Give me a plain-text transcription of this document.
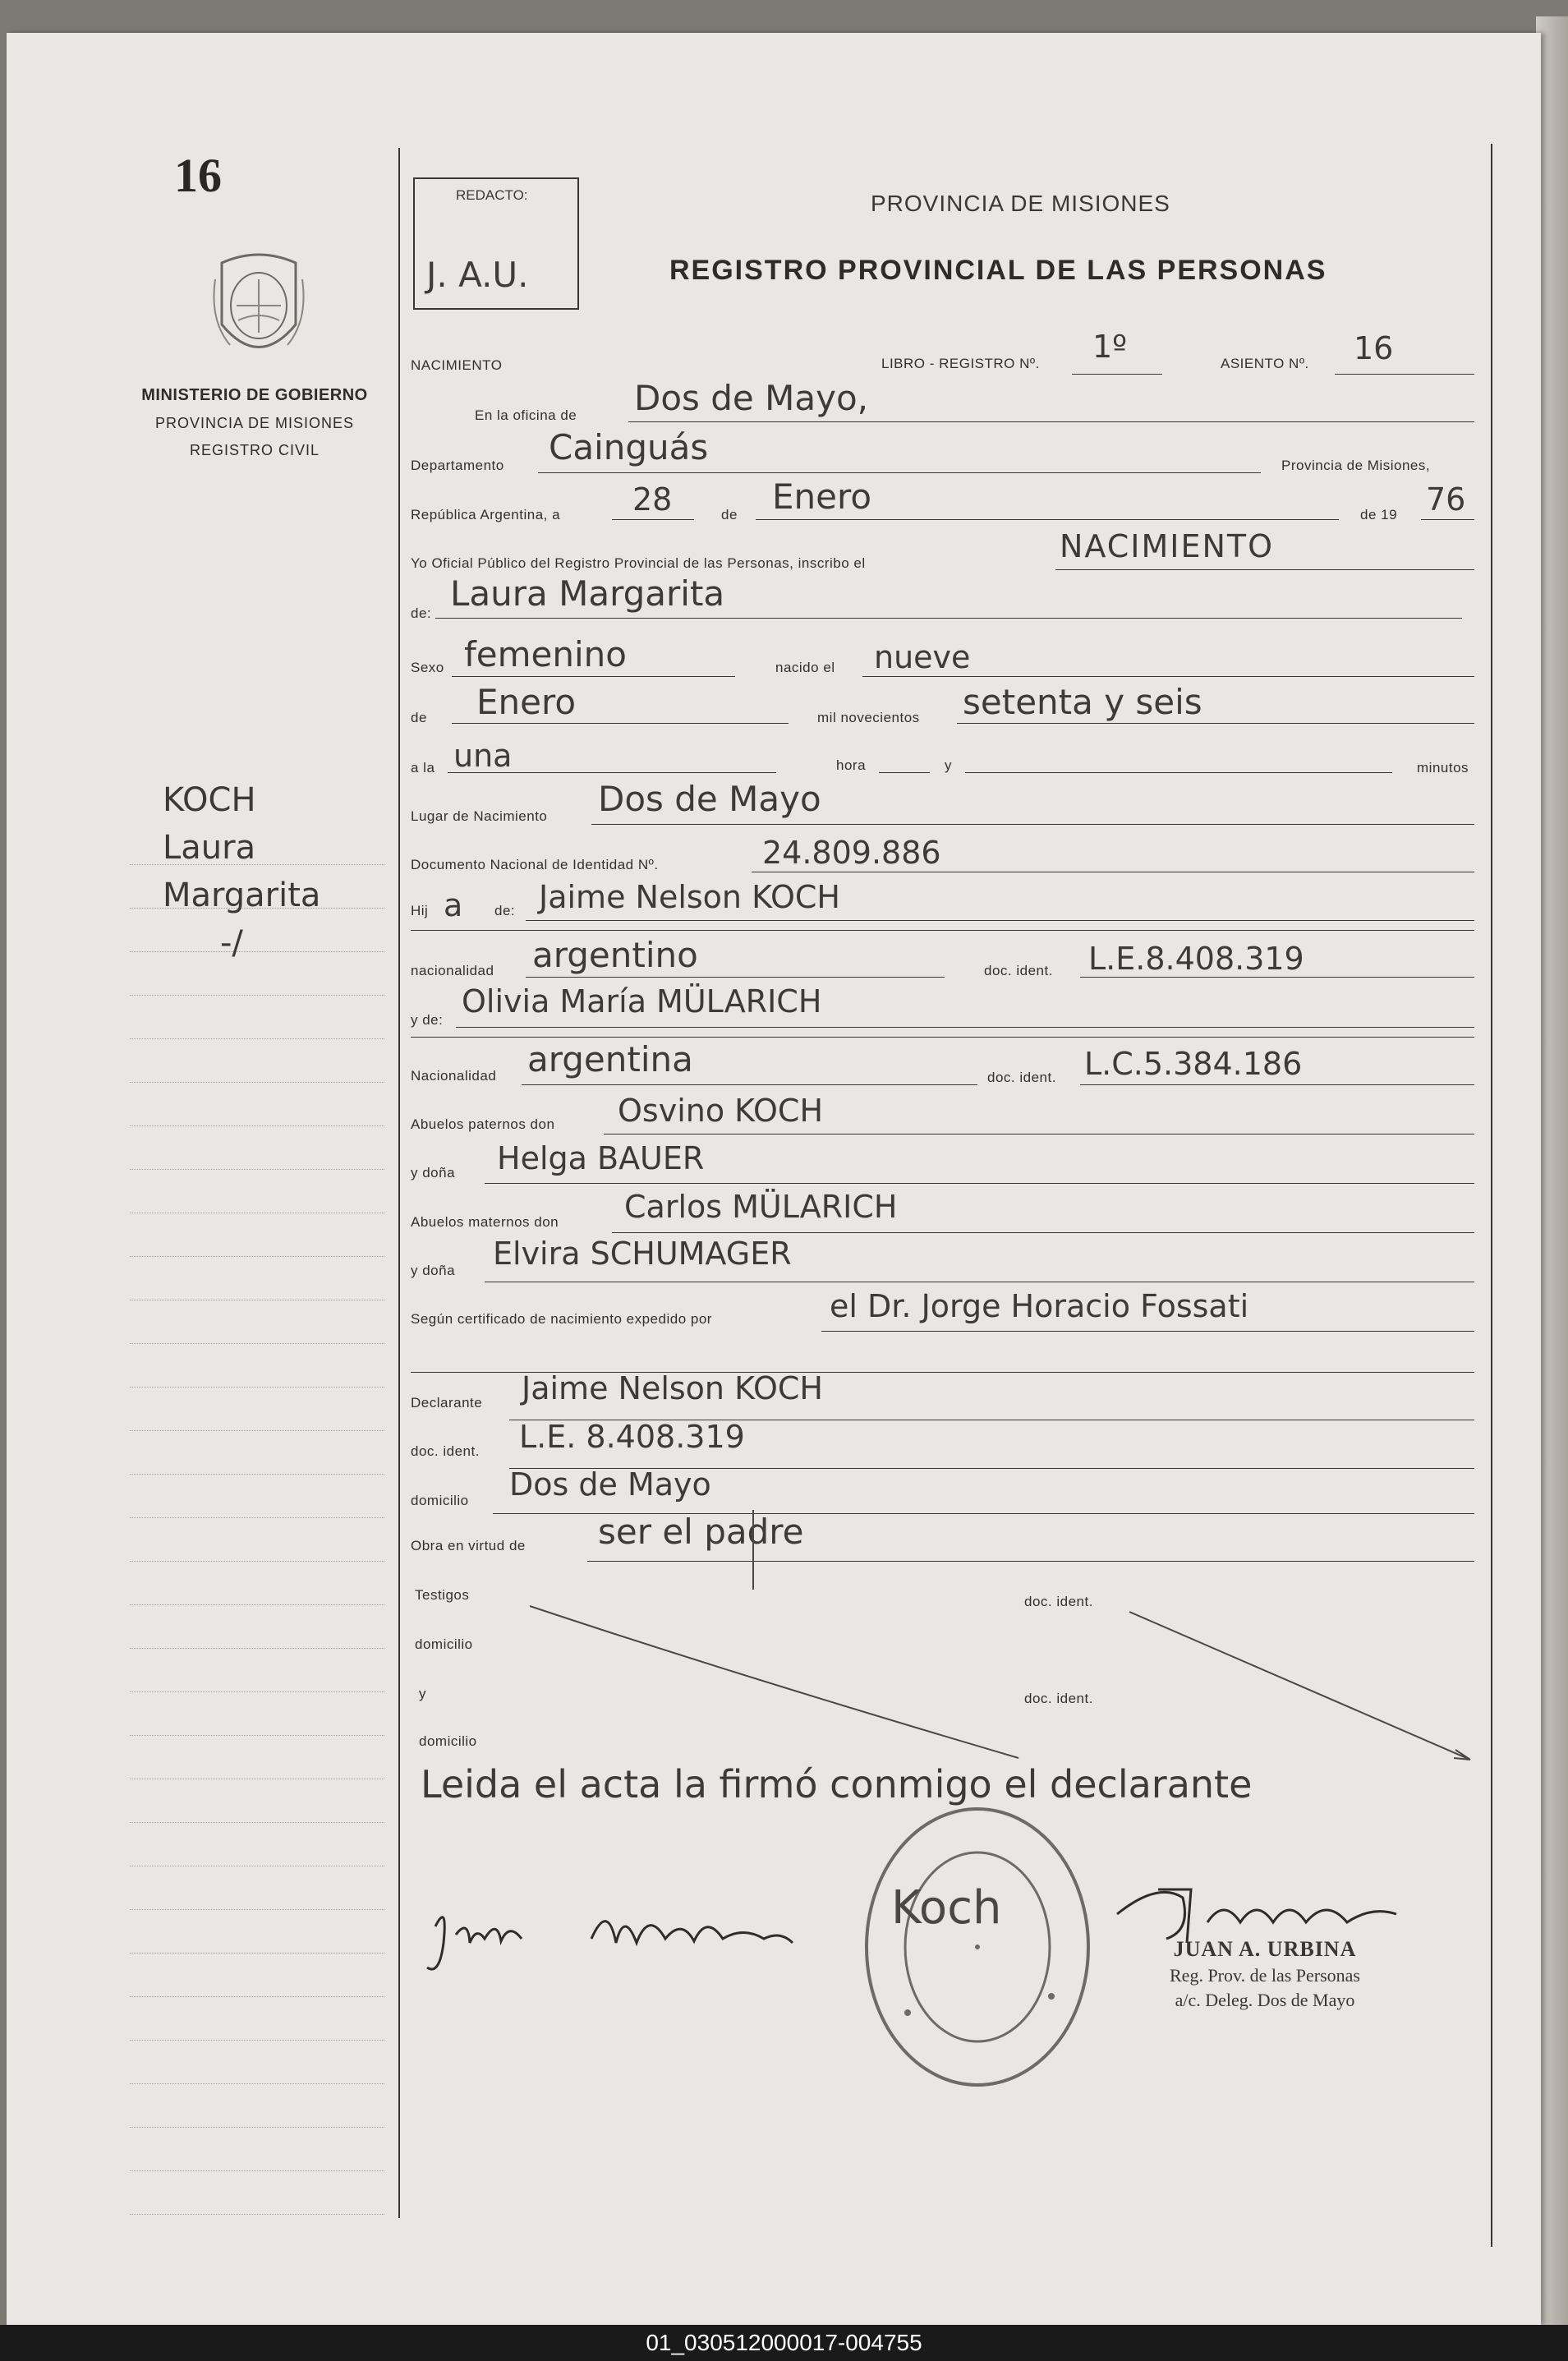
16
MINISTERIO DE GOBIERNO
PROVINCIA DE MISIONES
REGISTRO CIVIL
KOCH
Laura
Margarita
-/
REDACTO:
J. A.U.
PROVINCIA DE MISIONES
REGISTRO PROVINCIAL DE LAS PERSONAS
NACIMIENTO	LIBRO - REGISTRO Nº. 1º	ASIENTO Nº. 16
En la oficina de Dos de Mayo,
Departamento Cainguás	Provincia de Misiones,
República Argentina, a 28	de Enero	de 19 76
Yo Oficial Público del Registro Provincial de las Personas, inscribo el	NACIMIENTO
de: Laura Margarita
Sexo femenino	nacido el nueve
de Enero	mil novecientos setenta y seis
a la una	hora	y	minutos
Lugar de Nacimiento Dos de Mayo
Documento Nacional de Identidad Nº.	24.809.886
Hij a de: Jaime Nelson KOCH
nacionalidad argentino	doc. ident. L.E.8.408.319
y de:
Olivia María MÜLARICH
Nacionalidad argentina	doc. ident. L.C.5.384.186
Abuelos paternos don Osvino KOCH
y doña Helga BAUER
Abuelos maternos don Carlos MÜLARICH
y doña Elvira SCHUMAGER
Según certificado de nacimiento expedido por	el Dr. Jorge Horacio Fossati
Declarante Jaime Nelson KOCH
doc. ident. L.E. 8.408.319
domicilio Dos de Mayo
Obra en virtud de ser el padre
Testigos	doc. ident.
domicilio
y	doc. ident.
domicilio
Leida el acta la firmó conmigo el declarante
Koch
JUAN A. URBINA
Reg. Prov. de las Personas
a/c. Deleg. Dos de Mayo
01_030512000017-004755
